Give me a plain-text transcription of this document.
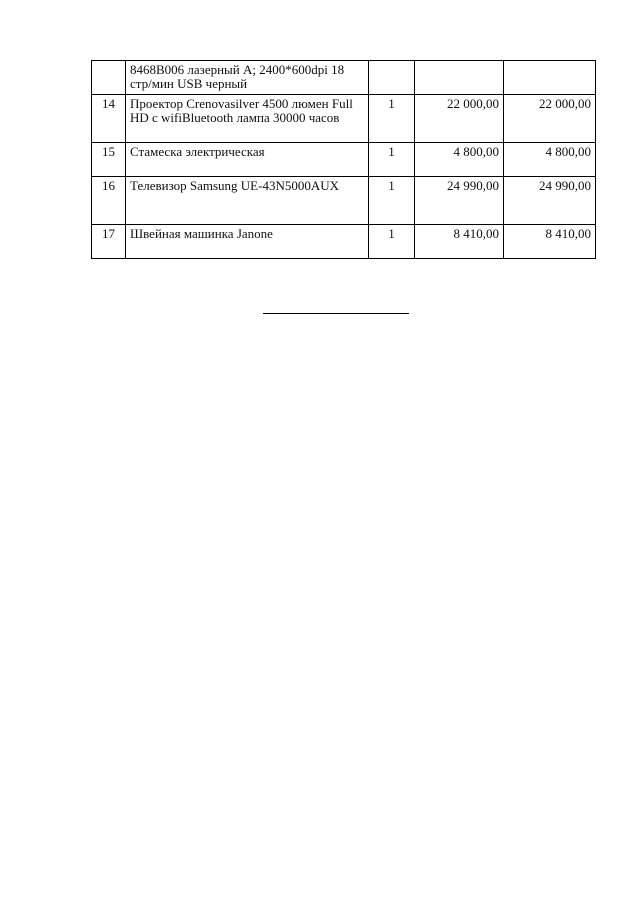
	8468B006 лазерный A; 2400*600dpi 18 стр/мин USB черный			
14	Проектор Crenovasilver 4500 люмен Full HD с wifiBluetooth лампа 30000 часов	1	22 000,00	22 000,00
15	Стамеска электрическая	1	4 800,00	4 800,00
16	Телевизор Samsung UE-43N5000AUX	1	24 990,00	24 990,00
17	Швейная машинка Janone	1	8 410,00	8 410,00
